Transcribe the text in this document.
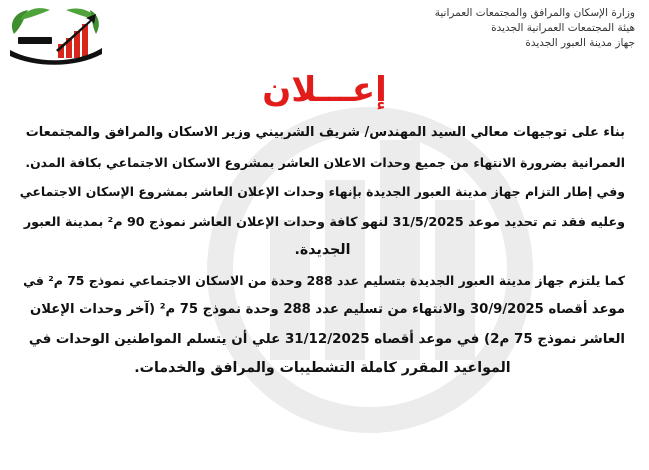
وزارة الإسكان والمرافق والمجتمعات العمرانية
هيئة المجتمعات العمرانية الجديدة
جهاز مدينة العبور الجديدة
إعـــلان
بناء على توجيهات معالي السيد المهندس/ شريف الشربيني وزير الاسكان والمرافق والمجتمعات
العمرانية بضرورة الانتهاء من جميع وحدات الاعلان العاشر بمشروع الاسكان الاجتماعي بكافة المدن.
وفي إطار التزام جهاز مدينة العبور الجديدة بإنهاء وحدات الإعلان العاشر بمشروع الإسكان الاجتماعي
وعليه فقد تم تحديد موعد 31/5/2025 لنهو كافة وحدات الإعلان العاشر نموذج 90 م² بمدينة العبور
الجديدة.
كما يلتزم جهاز مدينة العبور الجديدة بتسليم عدد 288 وحدة من الاسكان الاجتماعي نموذج 75 م² في
موعد أقصاه 30/9/2025 والانتهاء من تسليم عدد 288 وحدة نموذج 75 م² (آخر وحدات الإعلان
العاشر نموذج 75 م2) في موعد أقصاه 31/12/2025 علي أن يتسلم المواطنين الوحدات في
المواعيد المقرر كاملة التشطيبات والمرافق والخدمات.
